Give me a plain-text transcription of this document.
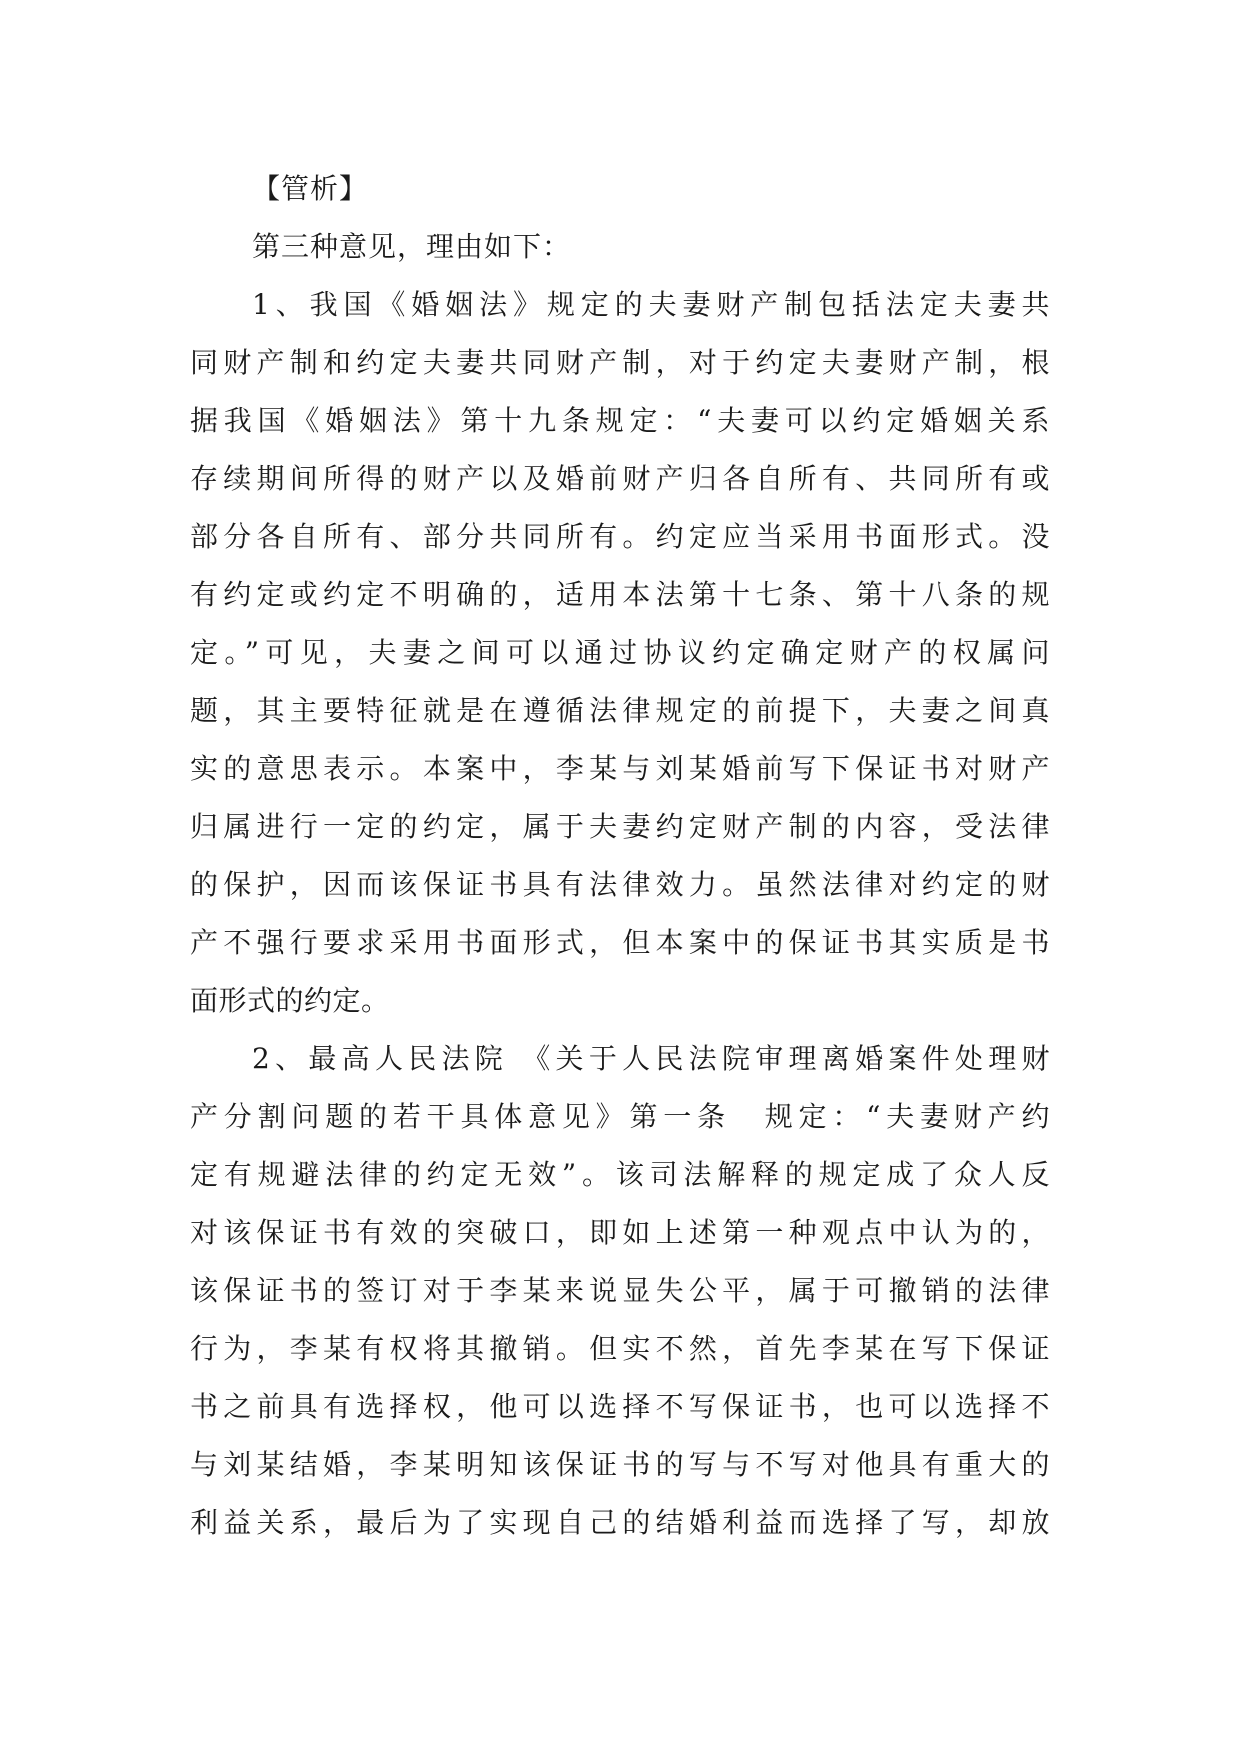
【管析】
第三种意见，理由如下：
1、我国《婚姻法》规定的夫妻财产制包括法定夫妻共
同财产制和约定夫妻共同财产制，对于约定夫妻财产制，根
据我国《婚姻法》第十九条规定：“夫妻可以约定婚姻关系
存续期间所得的财产以及婚前财产归各自所有、共同所有或
部分各自所有、部分共同所有。约定应当采用书面形式。没
有约定或约定不明确的，适用本法第十七条、第十八条的规
定。”可见，夫妻之间可以通过协议约定确定财产的权属问
题，其主要特征就是在遵循法律规定的前提下，夫妻之间真
实的意思表示。本案中，李某与刘某婚前写下保证书对财产
归属进行一定的约定，属于夫妻约定财产制的内容，受法律
的保护，因而该保证书具有法律效力。虽然法律对约定的财
产不强行要求采用书面形式，但本案中的保证书其实质是书
面形式的约定。
2、最高人民法院 《关于人民法院审理离婚案件处理财
产分割问题的若干具体意见》第一条　规定：“夫妻财产约
定有规避法律的约定无效”。该司法解释的规定成了众人反
对该保证书有效的突破口，即如上述第一种观点中认为的，
该保证书的签订对于李某来说显失公平，属于可撤销的法律
行为，李某有权将其撤销。但实不然，首先李某在写下保证
书之前具有选择权，他可以选择不写保证书，也可以选择不
与刘某结婚，李某明知该保证书的写与不写对他具有重大的
利益关系，最后为了实现自己的结婚利益而选择了写，却放
